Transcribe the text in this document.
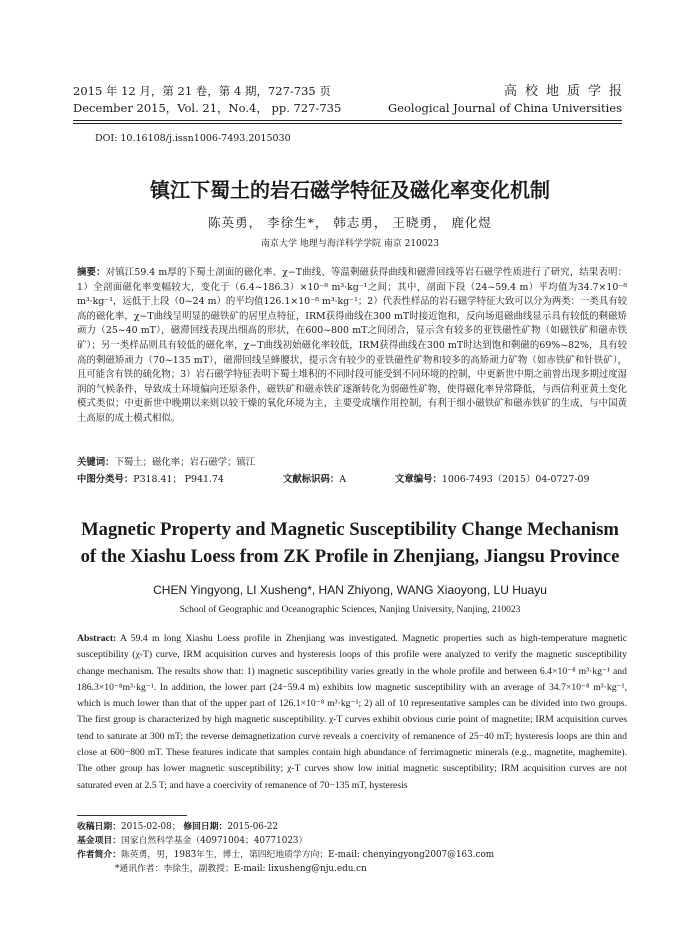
2015 年 12 月，第 21 卷，第 4 期，727-735 页
December 2015，Vol. 21，No.4， pp. 727-735
高校地质学报
Geological Journal of China Universities
DOI: 10.16108/j.issn1006-7493.2015030
镇江下蜀土的岩石磁学特征及磁化率变化机制
陈英勇， 李徐生*， 韩志勇， 王晓勇， 鹿化煜
南京大学 地理与海洋科学学院 南京 210023
摘要：对镇江59.4 m厚的下蜀土剖面的磁化率、χ−T曲线、等温剩磁获得曲线和磁滞回线等岩石磁学性质进行了研究，结果表明：1）全剖面磁化率变幅较大，变化于（6.4~186.3）×10⁻⁸ m³·kg⁻¹之间；其中，剖面下段（24~59.4 m）平均值为34.7×10⁻⁸ m³·kg⁻¹，远低于上段（0~24 m）的平均值126.1×10⁻⁸ m³·kg⁻¹；2）代表性样品的岩石磁学特征大致可以分为两类：一类具有较高的磁化率，χ−T曲线呈明显的磁铁矿的居里点特征，IRM获得曲线在300 mT时接近饱和，反向场退磁曲线显示具有较低的剩磁矫顽力（25~40 mT），磁滞回线表现出细高的形状，在600~800 mT之间闭合，显示含有较多的亚铁磁性矿物（如磁铁矿和磁赤铁矿）；另一类样品则具有较低的磁化率，χ−T曲线初始磁化率较低，IRM获得曲线在300 mT时达到饱和剩磁的69%~82%，具有较高的剩磁矫顽力（70~135 mT），磁滞回线呈蜂腰状，提示含有较少的亚铁磁性矿物和较多的高矫顽力矿物（如赤铁矿和针铁矿），且可能含有铁的硫化物；3）岩石磁学特征表明下蜀土堆积的不同时段可能受到不同环境的控制，中更新世中期之前曾出现多期过度湿润的气候条件，导致成土环境偏向还原条件，磁铁矿和磁赤铁矿逐渐转化为弱磁性矿物，使得磁化率异常降低，与西信利亚黄土变化模式类似；中更新世中晚期以来则以较干燥的氧化环境为主，主要受成壤作用控制，有利于细小磁铁矿和磁赤铁矿的生成，与中国黄土高原的成土模式相似。
关键词：下蜀土；磁化率；岩石磁学；镇江
中图分类号：P318.41； P941.74	文献标识码：A	文章编号：1006-7493（2015）04-0727-09
Magnetic Property and Magnetic Susceptibility Change Mechanism
of the Xiashu Loess from ZK Profile in Zhenjiang, Jiangsu Province
CHEN Yingyong, LI Xusheng*, HAN Zhiyong, WANG Xiaoyong, LU Huayu
School of Geographic and Oceanographic Sciences, Nanjing University, Nanjing, 210023
Abstract: A 59.4 m long Xiashu Loess profile in Zhenjiang was investigated. Magnetic properties such as high-temperature magnetic susceptibility (χ-T) curve, IRM acquisition curves and hysteresis loops of this profile were analyzed to verify the magnetic susceptibility change mechanism. The results show that: 1) magnetic susceptibility varies greatly in the whole profile and between 6.4×10⁻⁸ m³·kg⁻¹ and 186.3×10⁻⁸m³·kg⁻¹. In addition, the lower part (24−59.4 m) exhibits low magnetic susceptibility with an average of 34.7×10⁻⁸ m³·kg⁻¹, which is much lower than that of the upper part of 126.1×10⁻⁸ m³·kg⁻¹; 2) all of 10 representative samples can be divided into two groups. The first group is characterized by high magnetic susceptibility. χ-T curves exhibit obvious curie point of magnetite; IRM acquisition curves tend to saturate at 300 mT; the reverse demagnetization curve reveals a coercivity of remanence of 25−40 mT; hysteresis loops are thin and close at 600−800 mT. These features indicate that samples contain high abundance of ferrimagnetic minerals (e.g., magnetite, maghemite). The other group has lower magnetic susceptibility; χ-T curves show low initial magnetic susceptibility; IRM acquisition curves are not saturated even at 2.5 T; and have a coercivity of remanence of 70−135 mT, hysteresis
收稿日期：2015-02-08； 修回日期：2015-06-22
基金项目：国家自然科学基金（40971004；40771023）
作者简介：陈英勇，男，1983年生，博士，第四纪地质学方向；E-mail: chenyingyong2007@163.com
*通讯作者：李徐生，副教授；E-mail: lixusheng@nju.edu.cn
